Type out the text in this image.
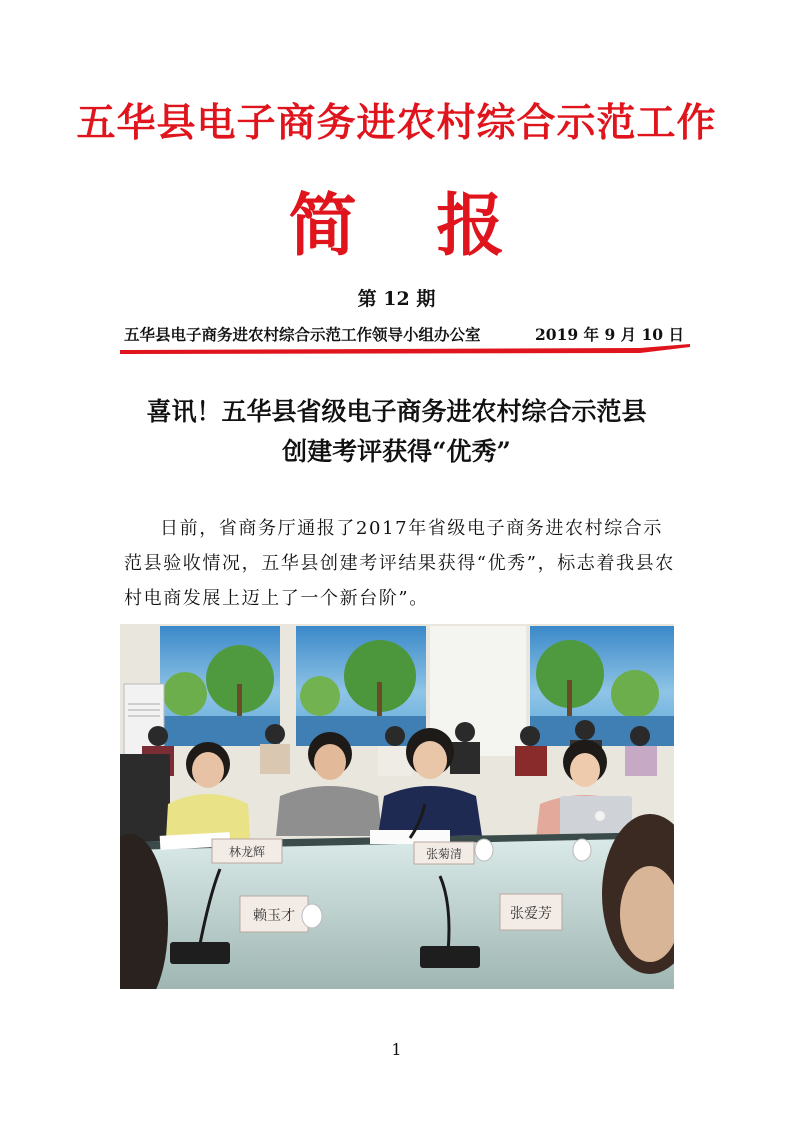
五华县电子商务进农村综合示范工作
简 报
第 12 期
五华县电子商务进农村综合示范工作领导小组办公室	2019 年 9 月 10 日
喜讯！五华县省级电子商务进农村综合示范县
创建考评获得“优秀”

日前，省商务厅通报了2017年省级电子商务进农村综合示范县验收情况，五华县创建考评结果获得“优秀”，标志着我县农村电商发展上迈上了一个新台阶”。

林龙辉	张菊清
赖玉才	张爱芳
1
